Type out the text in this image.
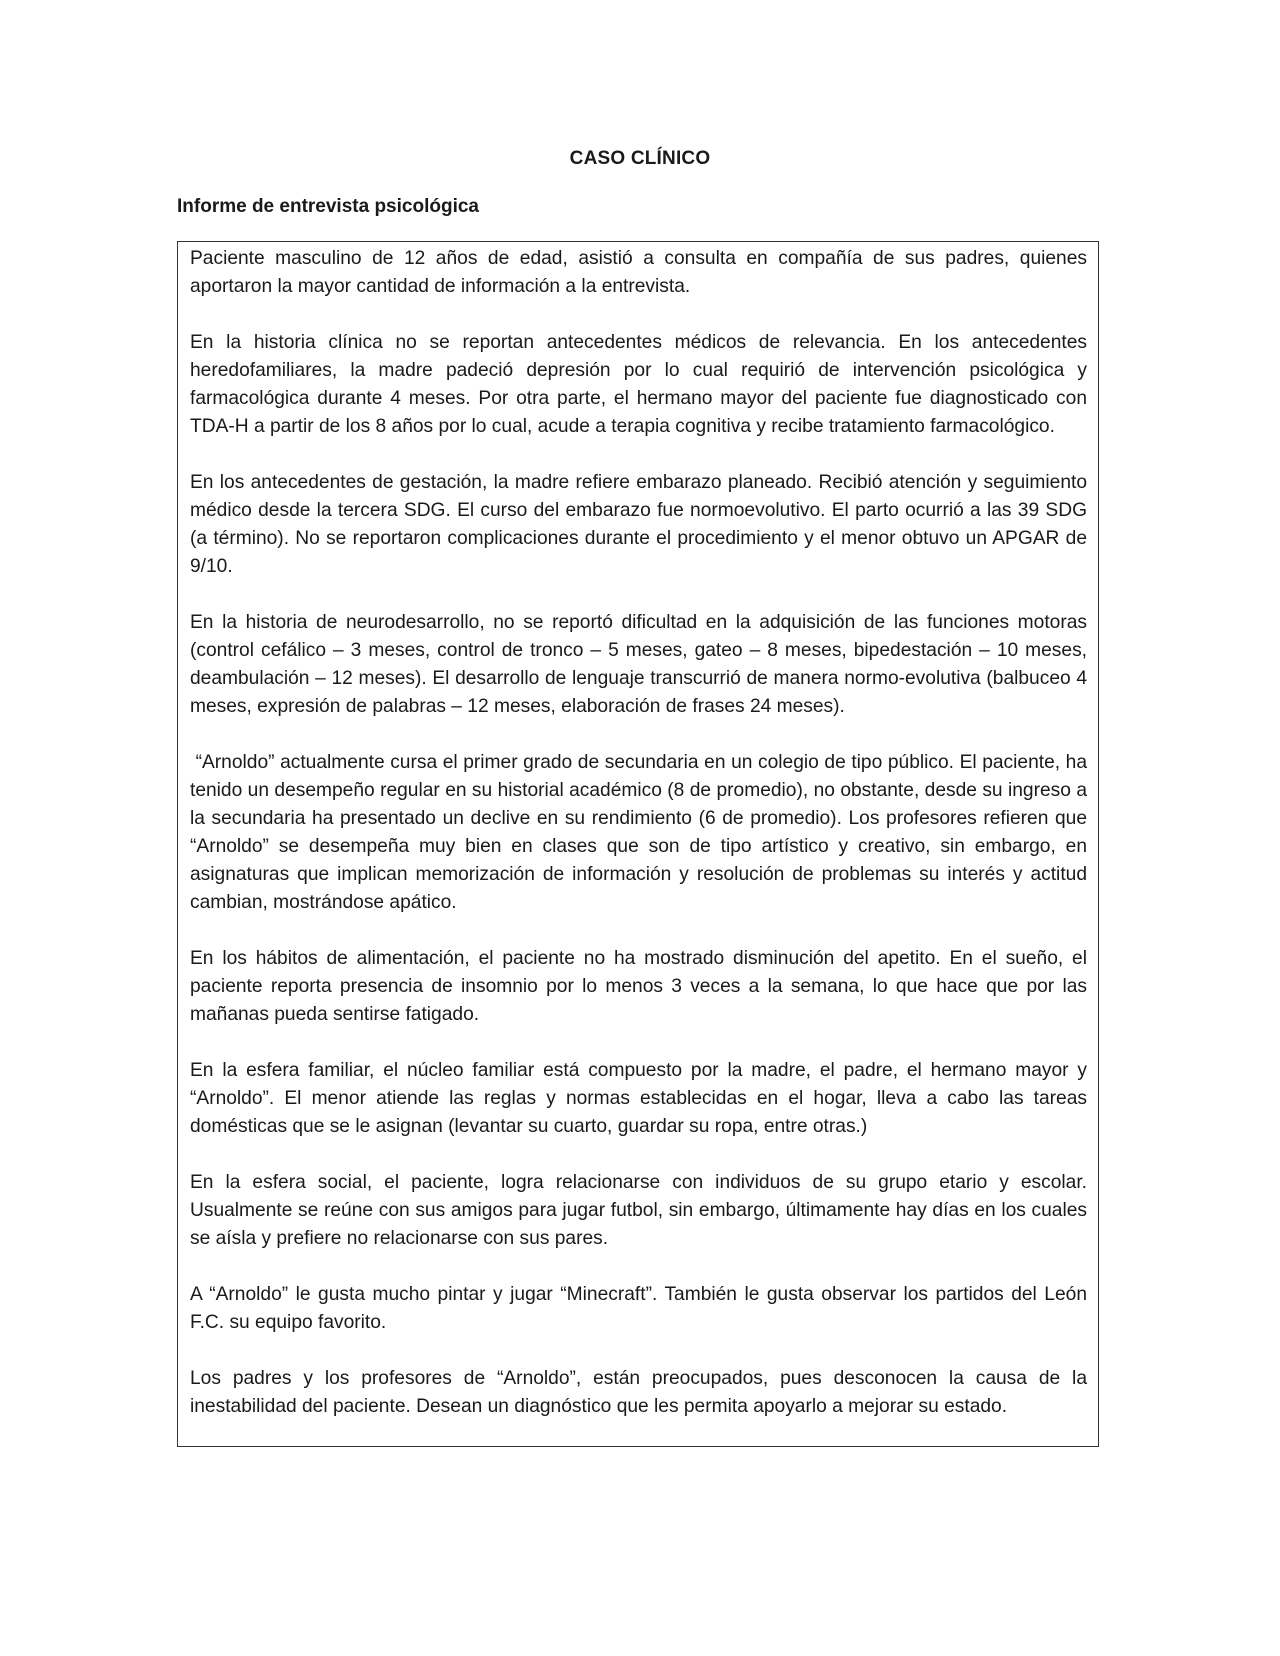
CASO CLÍNICO
Informe de entrevista psicológica

Paciente masculino de 12 años de edad, asistió a consulta en compañía de sus padres, quienes aportaron la mayor cantidad de información a la entrevista.

En la historia clínica no se reportan antecedentes médicos de relevancia. En los antecedentes heredofamiliares, la madre padeció depresión por lo cual requirió de intervención psicológica y farmacológica durante 4 meses. Por otra parte, el hermano mayor del paciente fue diagnosticado con TDA-H a partir de los 8 años por lo cual, acude a terapia cognitiva y recibe tratamiento farmacológico.

En los antecedentes de gestación, la madre refiere embarazo planeado. Recibió atención y seguimiento médico desde la tercera SDG. El curso del embarazo fue normoevolutivo. El parto ocurrió a las 39 SDG (a término). No se reportaron complicaciones durante el procedimiento y el menor obtuvo un APGAR de 9/10.

En la historia de neurodesarrollo, no se reportó dificultad en la adquisición de las funciones motoras (control cefálico – 3 meses, control de tronco – 5 meses, gateo – 8 meses, bipedestación – 10 meses, deambulación – 12 meses). El desarrollo de lenguaje transcurrió de manera normo-evolutiva (balbuceo 4 meses, expresión de palabras – 12 meses, elaboración de frases 24 meses).

“Arnoldo” actualmente cursa el primer grado de secundaria en un colegio de tipo público. El paciente, ha tenido un desempeño regular en su historial académico (8 de promedio), no obstante, desde su ingreso a la secundaria ha presentado un declive en su rendimiento (6 de promedio). Los profesores refieren que “Arnoldo” se desempeña muy bien en clases que son de tipo artístico y creativo, sin embargo, en asignaturas que implican memorización de información y resolución de problemas su interés y actitud cambian, mostrándose apático.

En los hábitos de alimentación, el paciente no ha mostrado disminución del apetito. En el sueño, el paciente reporta presencia de insomnio por lo menos 3 veces a la semana, lo que hace que por las mañanas pueda sentirse fatigado.

En la esfera familiar, el núcleo familiar está compuesto por la madre, el padre, el hermano mayor y “Arnoldo”. El menor atiende las reglas y normas establecidas en el hogar, lleva a cabo las tareas domésticas que se le asignan (levantar su cuarto, guardar su ropa, entre otras.)

En la esfera social, el paciente, logra relacionarse con individuos de su grupo etario y escolar. Usualmente se reúne con sus amigos para jugar futbol, sin embargo, últimamente hay días en los cuales se aísla y prefiere no relacionarse con sus pares.

A “Arnoldo” le gusta mucho pintar y jugar “Minecraft”. También le gusta observar los partidos del León F.C. su equipo favorito.

Los padres y los profesores de “Arnoldo”, están preocupados, pues desconocen la causa de la inestabilidad del paciente. Desean un diagnóstico que les permita apoyarlo a mejorar su estado.
